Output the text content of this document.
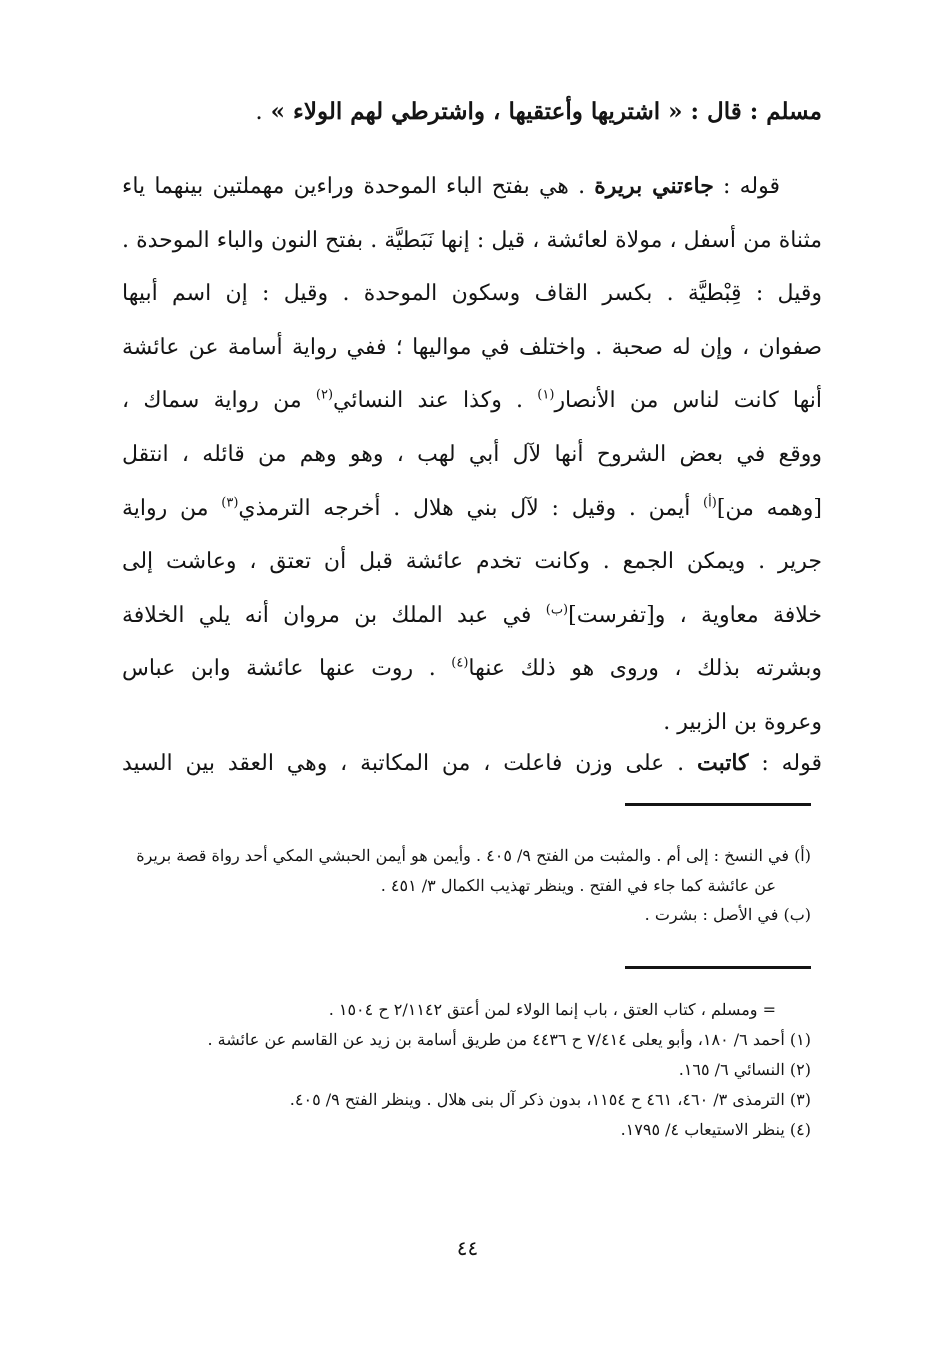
مسلم : قال : « اشتريها وأعتقيها ، واشترطي لهم الولاء » .
قوله : جاءتني بريرة . هي بفتح الباء الموحدة وراءين مهملتين بينهما ياء
مثناة من أسفل ، مولاة لعائشة ، قيل : إنها نَبَطيَّة . بفتح النون والباء الموحدة .
وقيل : قِبْطيَّة . بكسر القاف وسكون الموحدة . وقيل : إن اسم أبيها
صفوان ، وإن له صحبة . واختلف في مواليها ؛ ففي رواية أسامة عن عائشة
أنها كانت لناس من الأنصار$^{(١)}$ . وكذا عند النسائي$^{(٢)}$ من رواية سماك ،
ووقع في بعض الشروح أنها لآل أبي لهب ، وهو وهم من قائله ، انتقل
[وهمه من]$^{(أ)}$ أيمن . وقيل : لآل بني هلال . أخرجه الترمذي$^{(٣)}$ من رواية
جرير . ويمكن الجمع . وكانت تخدم عائشة قبل أن تعتق ، وعاشت إلى
خلافة معاوية ، و[تفرست]$^{(ب)}$ في عبد الملك بن مروان أنه يلي الخلافة
وبشرته بذلك ، وروى هو ذلك عنها$^{(٤)}$ . روت عنها عائشة وابن عباس
وعروة بن الزبير .
قوله : كاتبت . على وزن فاعلت ، من المكاتبة ، وهي العقد بين السيد
(أ) في النسخ : إلى أم . والمثبت من الفتح ٩/ ٤٠٥ . وأيمن هو أيمن الحبشي المكي أحد رواة قصة بريرة
عن عائشة كما جاء في الفتح . وينظر تهذيب الكمال ٣/ ٤٥١ .
(ب) في الأصل : بشرت .
= ومسلم ، كتاب العتق ، باب إنما الولاء لمن أعتق ٢/١١٤٢ ح ١٥٠٤ .
(١) أحمد ٦/ ١٨٠، وأبو يعلى ٧/٤١٤ ح ٤٤٣٦ من طريق أسامة بن زيد عن القاسم عن عائشة .
(٢) النسائي ٦/ ١٦٥.
(٣) الترمذى ٣/ ٤٦٠، ٤٦١ ح ١١٥٤، بدون ذكر آل بنى هلال . وينظر الفتح ٩/ ٤٠٥.
(٤) ينظر الاستيعاب ٤/ ١٧٩٥.
٤٤
